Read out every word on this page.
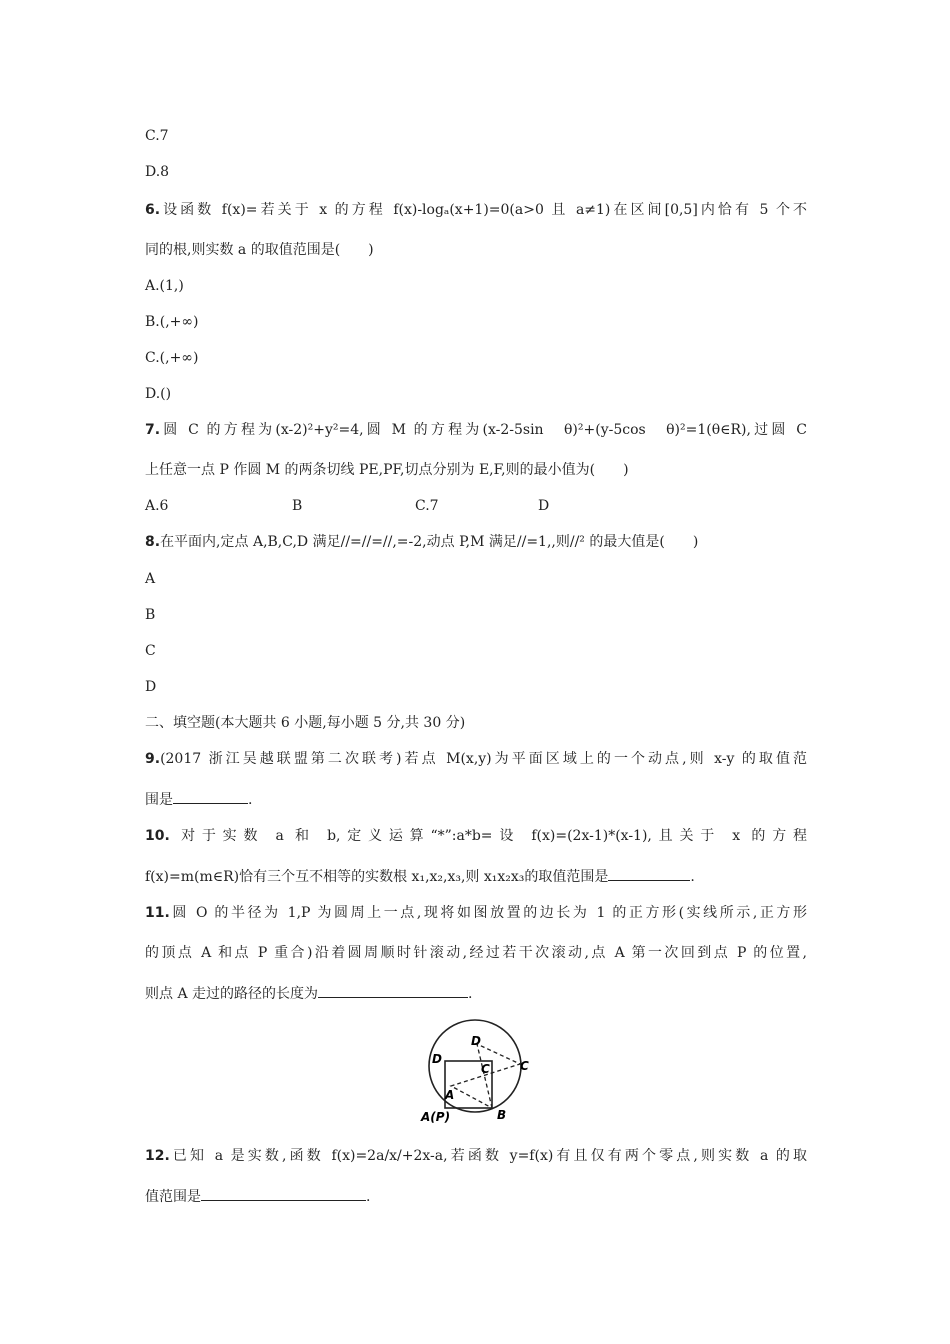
C.7
D.8
6.设函数 f(x)=若关于 x 的方程 f(x)-logₐ(x+1)=0(a>0 且 a≠1)在区间[0,5]内恰有 5 个不
同的根,则实数 a 的取值范围是(　　)
A.(1,)
B.(,+∞)
C.(,+∞)
D.()
7.圆 C 的方程为(x-2)²+y²=4,圆 M 的方程为(x-2-5sin　θ)²+(y-5cos　θ)²=1(θ∈R),过圆 C
上任意一点 P 作圆 M 的两条切线 PE,PF,切点分别为 E,F,则的最小值为(　　)
A.6	B	C.7	D
8.在平面内,定点 A,B,C,D 满足//=//=//,=-2,动点 P,M 满足//=1,,则//² 的最大值是(　　)
A
B
C
D
二、填空题(本大题共 6 小题,每小题 5 分,共 30 分)
9.(2017 浙江吴越联盟第二次联考)若点 M(x,y)为平面区域上的一个动点,则 x-y 的取值范
围是	.
10. 对于实数 a 和 b,定义运算“*”:a*b=设 f(x)=(2x-1)*(x-1),且关于 x 的方程
f(x)=m(m∈R)恰有三个互不相等的实数根 x₁,x₂,x₃,则 x₁x₂x₃的取值范围是	.
11.圆 O 的半径为 1,P 为圆周上一点,现将如图放置的边长为 1 的正方形(实线所示,正方形
的顶点 A 和点 P 重合)沿着圆周顺时针滚动,经过若干次滚动,点 A 第一次回到点 P 的位置,
则点 A 走过的路径的长度为	.
D
D	C
C
A
A(P)	B
12.已知 a 是实数,函数 f(x)=2a/x/+2x-a,若函数 y=f(x)有且仅有两个零点,则实数 a 的取
值范围是	.
